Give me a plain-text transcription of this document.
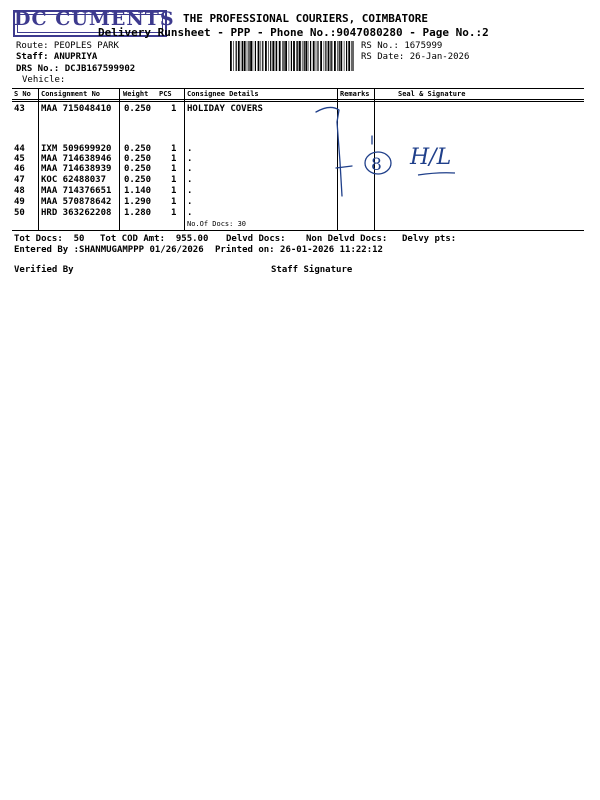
DC CUMENTS THE PROFESSIONAL COURIERS, COIMBATORE
Delivery Runsheet - PPP - Phone No.:9047080280 - Page No.:2
Route: PEOPLES PARK
Staff: ANUPRIYA
DRS No.: DCJB167599902
Vehicle:
RS No.: 1675999
RS Date: 26-Jan-2026
S No Consignment No	Weight PCS Consignee Details	Remarks	Seal & Signature
43 MAA 715048410 0.250 1 HOLIDAY COVERS
44 IXM 509699920 0.250 1 .
45 MAA 714638946 0.250 1 .
46 MAA 714638939 0.250 1 .
47 KOC 62488037 0.250 1 .
48 MAA 714376651 1.140 1 .
49 MAA 570878642 1.290 1 .
50 HRD 363262208 1.280 1 .
No.Of Docs: 30
Tot Docs:  50 Tot COD Amt:  955.00 Delvd Docs: Non Delvd Docs: Delvy pts:
Entered By :SHANMUGAMPPP 01/26/2026 Printed on: 26-01-2026 11:22:12
Verified By	Staff Signature
8 H/L
